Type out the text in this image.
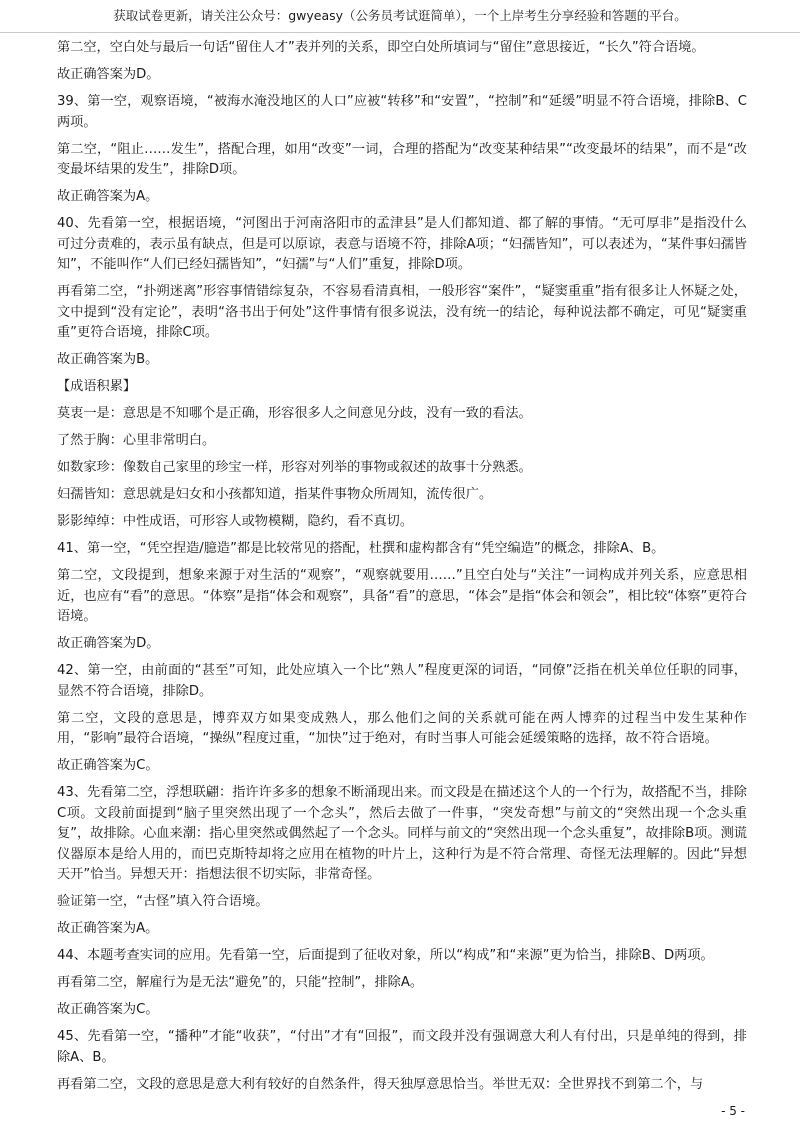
获取试卷更新，请关注公众号：gwyeasy（公务员考试逛简单），一个上岸考生分享经验和答题的平台。

第二空，空白处与最后一句话“留住人才”表并列的关系，即空白处所填词与“留住”意思接近，“长久”符合语境。

故正确答案为D。

39、第一空，观察语境，“被海水淹没地区的人口”应被“转移”和“安置”，“控制”和“延缓”明显不符合语境，排除B、C两项。

第二空，“阻止……发生”，搭配合理，如用“改变”一词，合理的搭配为“改变某种结果”“改变最坏的结果”，而不是“改变最坏结果的发生”，排除D项。

故正确答案为A。

40、先看第一空，根据语境，“河图出于河南洛阳市的孟津县”是人们都知道、都了解的事情。“无可厚非”是指没什么可过分责难的，表示虽有缺点，但是可以原谅，表意与语境不符，排除A项；“妇孺皆知”，可以表述为，“某件事妇孺皆知”，不能叫作“人们已经妇孺皆知”，“妇孺”与“人们”重复，排除D项。

再看第二空，“扑朔迷离”形容事情错综复杂，不容易看清真相，一般形容“案件”，“疑窦重重”指有很多让人怀疑之处，文中提到“没有定论”，表明“洛书出于何处”这件事情有很多说法，没有统一的结论，每种说法都不确定，可见“疑窦重重”更符合语境，排除C项。

故正确答案为B。

【成语积累】

莫衷一是：意思是不知哪个是正确，形容很多人之间意见分歧，没有一致的看法。

了然于胸：心里非常明白。

如数家珍：像数自己家里的珍宝一样，形容对列举的事物或叙述的故事十分熟悉。

妇孺皆知：意思就是妇女和小孩都知道，指某件事物众所周知，流传很广。

影影绰绰：中性成语，可形容人或物模糊，隐约，看不真切。

41、第一空，“凭空捏造/臆造”都是比较常见的搭配，杜撰和虚构都含有“凭空编造”的概念，排除A、B。

第二空，文段提到，想象来源于对生活的“观察”，“观察就要用……”且空白处与“关注”一词构成并列关系，应意思相近，也应有“看”的意思。“体察”是指“体会和观察”，具备“看”的意思，“体会”是指“体会和领会”，相比较“体察”更符合语境。

故正确答案为D。

42、第一空，由前面的“甚至”可知，此处应填入一个比“熟人”程度更深的词语，“同僚”泛指在机关单位任职的同事，显然不符合语境，排除D。

第二空，文段的意思是，博弈双方如果变成熟人，那么他们之间的关系就可能在两人博弈的过程当中发生某种作用，“影响”最符合语境，“操纵”程度过重，“加快”过于绝对，有时当事人可能会延缓策略的选择，故不符合语境。

故正确答案为C。

43、先看第二空，浮想联翩：指许许多多的想象不断涌现出来。而文段是在描述这个人的一个行为，故搭配不当，排除C项。文段前面提到“脑子里突然出现了一个念头”，然后去做了一件事，“突发奇想”与前文的“突然出现一个念头重复”，故排除。心血来潮：指心里突然或偶然起了一个念头。同样与前文的“突然出现一个念头重复”，故排除B项。测谎仪器原本是给人用的，而巴克斯特却将之应用在植物的叶片上，这种行为是不符合常理、奇怪无法理解的。因此“异想天开”恰当。异想天开：指想法很不切实际，非常奇怪。

验证第一空，“古怪”填入符合语境。

故正确答案为A。

44、本题考查实词的应用。先看第一空，后面提到了征收对象，所以“构成”和“来源”更为恰当，排除B、D两项。

再看第二空，解雇行为是无法“避免”的，只能“控制”，排除A。

故正确答案为C。

45、先看第一空，“播种”才能“收获”，“付出”才有“回报”，而文段并没有强调意大利人有付出，只是单纯的得到，排除A、B。

再看第二空，文段的意思是意大利有较好的自然条件，得天独厚意思恰当。举世无双：全世界找不到第二个，与

- 5 -
